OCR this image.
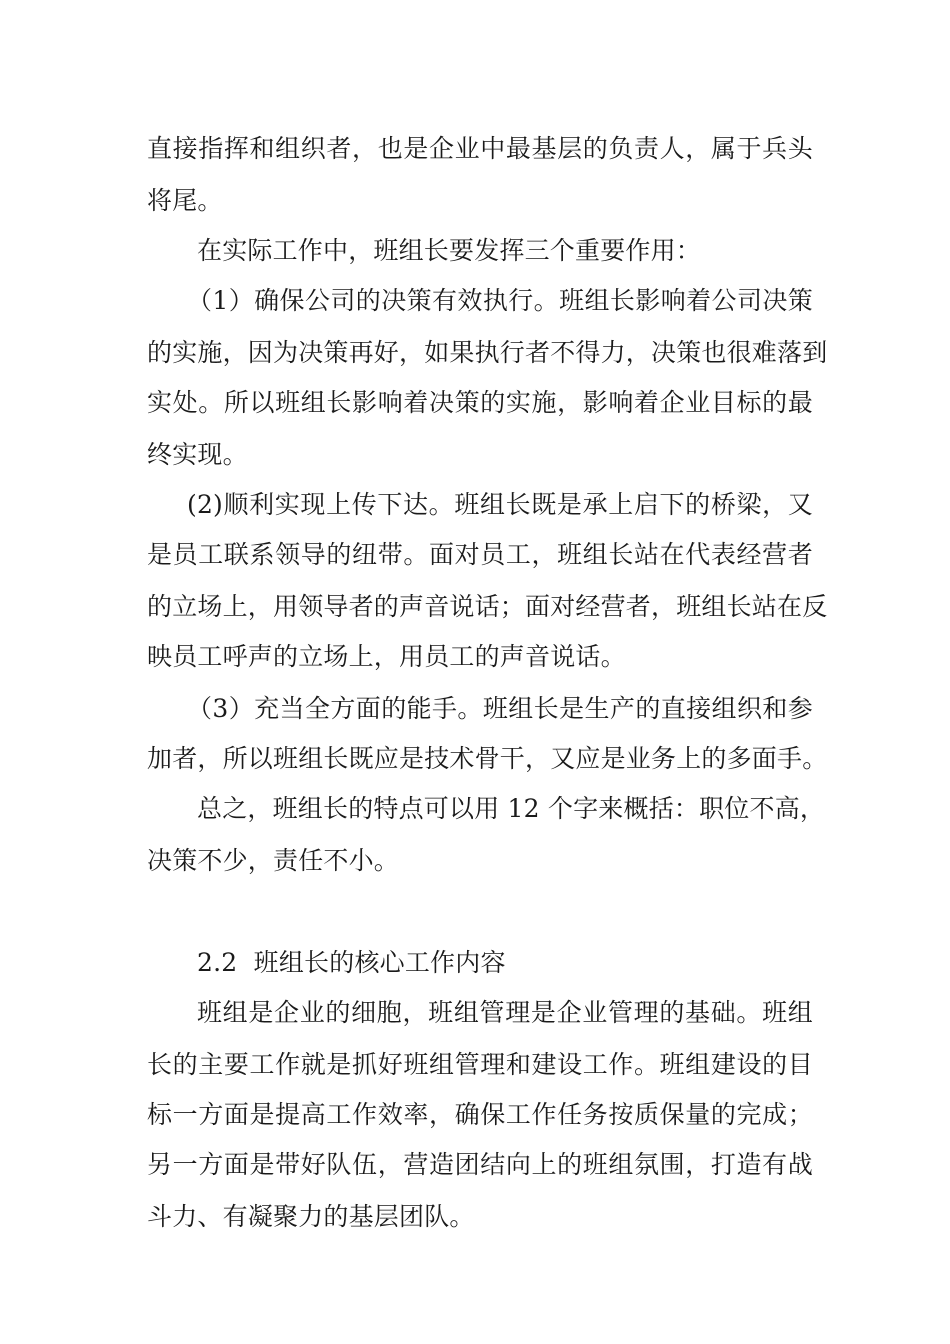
直接指挥和组织者，也是企业中最基层的负责人，属于兵头
将尾。
在实际工作中，班组长要发挥三个重要作用：
（1）确保公司的决策有效执行。班组长影响着公司决策
的实施，因为决策再好，如果执行者不得力，决策也很难落到
实处。所以班组长影响着决策的实施，影响着企业目标的最
终实现。
(2)顺利实现上传下达。班组长既是承上启下的桥梁，又
是员工联系领导的纽带。面对员工，班组长站在代表经营者
的立场上，用领导者的声音说话；面对经营者，班组长站在反
映员工呼声的立场上，用员工的声音说话。
（3）充当全方面的能手。班组长是生产的直接组织和参
加者，所以班组长既应是技术骨干，又应是业务上的多面手。
总之，班组长的特点可以用 12 个字来概括：职位不高，
决策不少，责任不小。
2.2  班组长的核心工作内容
班组是企业的细胞，班组管理是企业管理的基础。班组
长的主要工作就是抓好班组管理和建设工作。班组建设的目
标一方面是提高工作效率，确保工作任务按质保量的完成；
另一方面是带好队伍，营造团结向上的班组氛围，打造有战
斗力、有凝聚力的基层团队。
